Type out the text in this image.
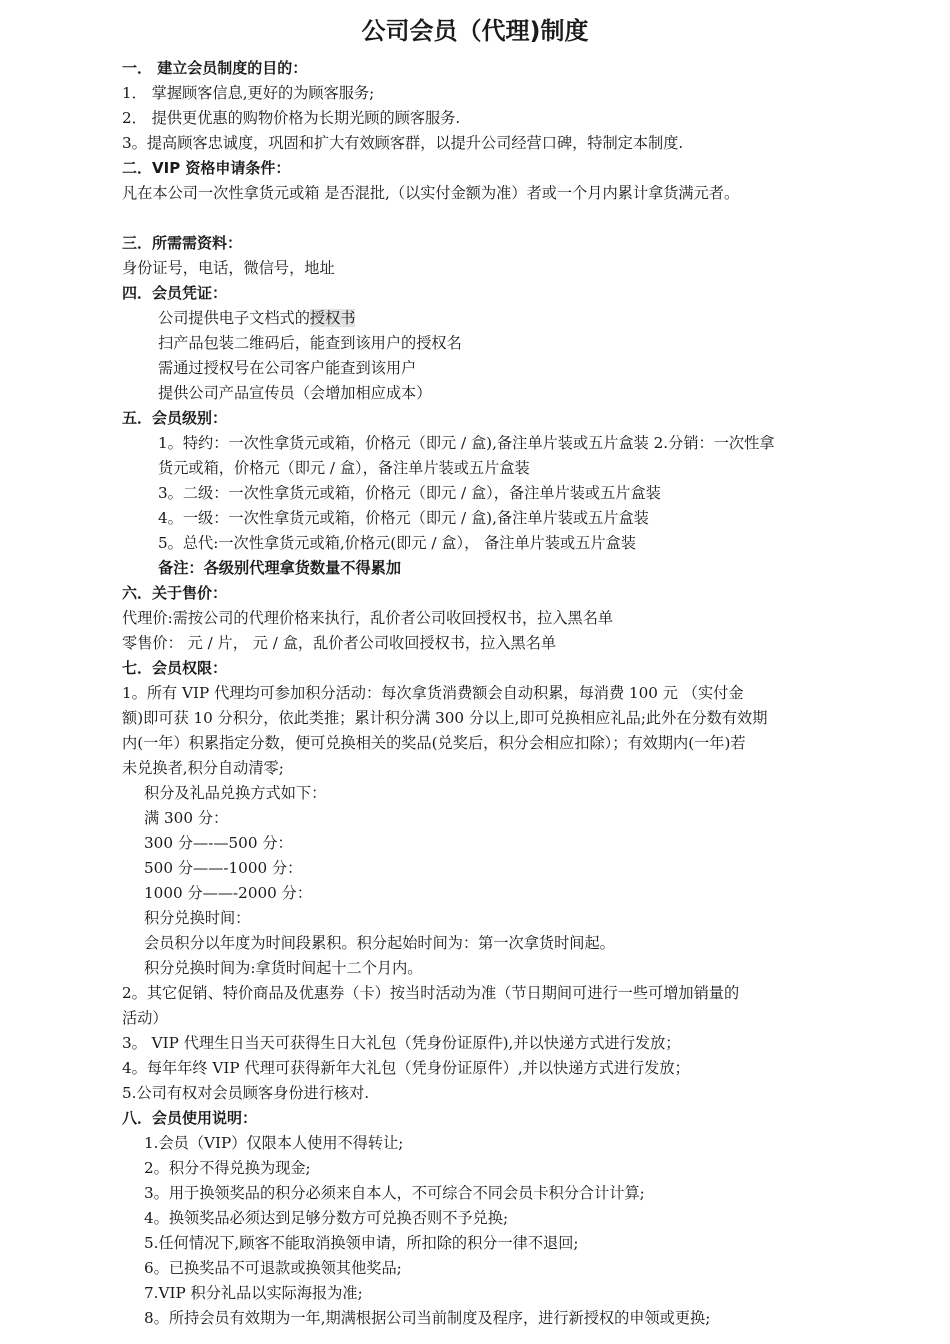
公司会员（代理)制度
一． 建立会员制度的目的：
1． 掌握顾客信息,更好的为顾客服务;
2． 提供更优惠的购物价格为长期光顾的顾客服务.
3。提高顾客忠诚度，巩固和扩大有效顾客群，以提升公司经营口碑，特制定本制度.
二．VIP 资格申请条件：
凡在本公司一次性拿货元或箱 是否混批,（以实付金额为准）者或一个月内累计拿货满元者。
三．所需需资料：
身份证号，电话，微信号，地址
四．会员凭证：
公司提供电子文档式的授权书
扫产品包装二维码后，能查到该用户的授权名
需通过授权号在公司客户能查到该用户
提供公司产品宣传员（会增加相应成本）
五．会员级别：
1。特约：一次性拿货元或箱，价格元（即元 / 盒),备注单片装或五片盒装 2.分销：一次性拿
货元或箱，价格元（即元 / 盒），备注单片装或五片盒装
3。二级：一次性拿货元或箱，价格元（即元 / 盒），备注单片装或五片盒装
4。一级：一次性拿货元或箱，价格元（即元 / 盒),备注单片装或五片盒装
5。总代:一次性拿货元或箱,价格元(即元 / 盒）， 备注单片装或五片盒装
备注：各级别代理拿货数量不得累加
六．关于售价：
代理价:需按公司的代理价格来执行，乱价者公司收回授权书，拉入黑名单
零售价： 元 / 片， 元 / 盒，乱价者公司收回授权书，拉入黑名单
七．会员权限：
1。所有 VIP 代理均可参加积分活动：每次拿货消费额会自动积累，每消费 100 元 （实付金
额)即可获 10 分积分，依此类推；累计积分满 300 分以上,即可兑换相应礼品;此外在分数有效期
内(一年）积累指定分数，便可兑换相关的奖品(兑奖后，积分会相应扣除）；有效期内(一年)若
未兑换者,积分自动清零;
积分及礼品兑换方式如下：
满 300 分：
300 分—-—500 分：
500 分——-1000 分：
1000 分——-2000 分：
积分兑换时间：
会员积分以年度为时间段累积。积分起始时间为：第一次拿货时间起。
积分兑换时间为:拿货时间起十二个月内。
2。其它促销、特价商品及优惠券（卡）按当时活动为准（节日期间可进行一些可增加销量的
活动）
3。 VIP 代理生日当天可获得生日大礼包（凭身份证原件),并以快递方式进行发放；
4。每年年终 VIP 代理可获得新年大礼包（凭身份证原件）,并以快递方式进行发放；
5.公司有权对会员顾客身份进行核对.
八．会员使用说明：
1.会员（VIP）仅限本人使用不得转让;
2。积分不得兑换为现金;
3。用于换领奖品的积分必须来自本人，不可综合不同会员卡积分合计计算;
4。换领奖品必须达到足够分数方可兑换否则不予兑换;
5.任何情况下,顾客不能取消换领申请，所扣除的积分一律不退回;
6。已换奖品不可退款或换领其他奖品;
7.VIP 积分礼品以实际海报为准;
8。所持会员有效期为一年,期满根据公司当前制度及程序，进行新授权的申领或更换;
